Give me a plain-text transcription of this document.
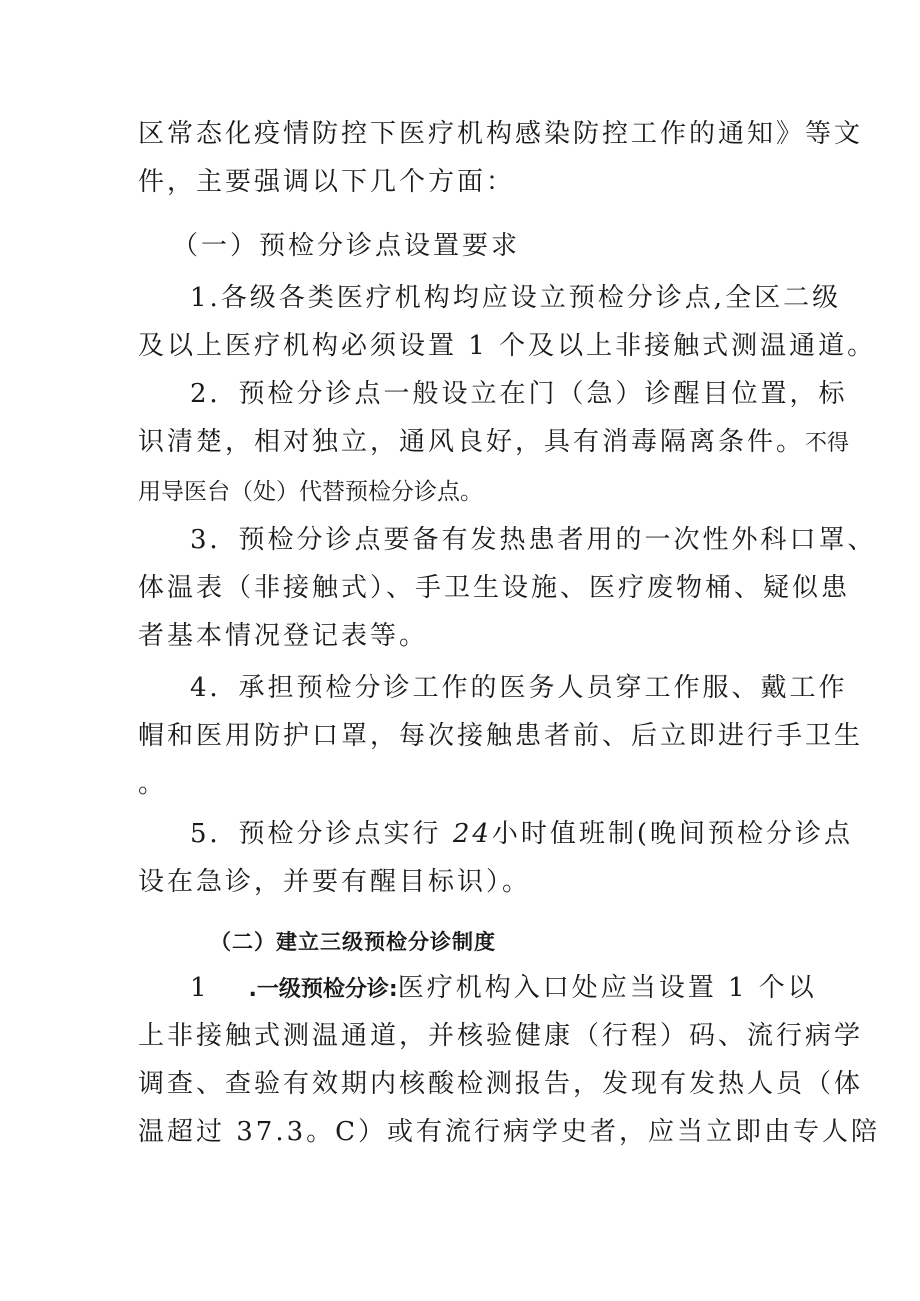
区常态化疫情防控下医疗机构感染防控工作的通知》等文
件，主要强调以下几个方面：
（一）预检分诊点设置要求
1.各级各类医疗机构均应设立预检分诊点,全区二级
及以上医疗机构必须设置 1 个及以上非接触式测温通道。
2．预检分诊点一般设立在门（急）诊醒目位置，标
识清楚，相对独立，通风良好，具有消毒隔离条件。不得
用导医台（处）代替预检分诊点。
3．预检分诊点要备有发热患者用的一次性外科口罩、
体温表（非接触式）、手卫生设施、医疗废物桶、疑似患
者基本情况登记表等。
4．承担预检分诊工作的医务人员穿工作服、戴工作
帽和医用防护口罩，每次接触患者前、后立即进行手卫生
。
5．预检分诊点实行 24小时值班制(晚间预检分诊点
设在急诊，并要有醒目标识）。
（二）建立三级预检分诊制度
1 .一级预检分诊:医疗机构入口处应当设置 1 个以
上非接触式测温通道，并核验健康（行程）码、流行病学
调查、查验有效期内核酸检测报告，发现有发热人员（体
温超过 37.3。C）或有流行病学史者，应当立即由专人陪
